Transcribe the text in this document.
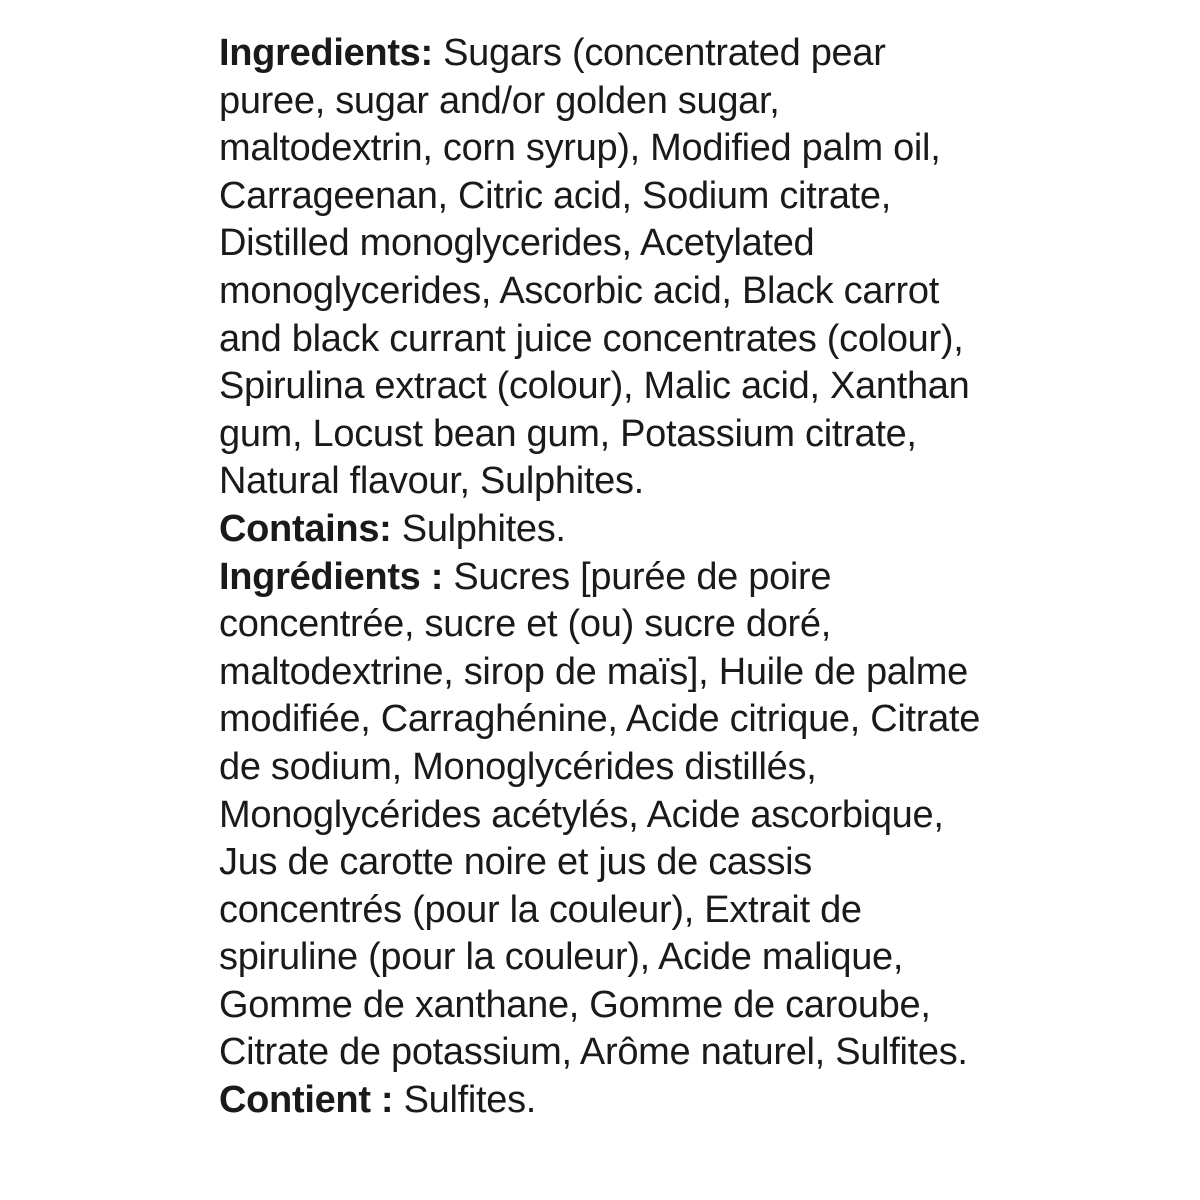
Ingredients: Sugars (concentrated pear puree, sugar and/or golden sugar, maltodextrin, corn syrup), Modified palm oil, Carrageenan, Citric acid, Sodium citrate, Distilled monoglycerides, Acetylated monoglycerides, Ascorbic acid, Black carrot and black currant juice concentrates (colour), Spirulina extract (colour), Malic acid, Xanthan gum, Locust bean gum, Potassium citrate, Natural flavour, Sulphites.

Contains: Sulphites.

Ingrédients : Sucres [purée de poire concentrée, sucre et (ou) sucre doré, maltodextrine, sirop de maïs], Huile de palme modifiée, Carraghénine, Acide citrique, Citrate de sodium, Monoglycérides distillés, Monoglycérides acétylés, Acide ascorbique, Jus de carotte noire et jus de cassis concentrés (pour la couleur), Extrait de spiruline (pour la couleur), Acide malique, Gomme de xanthane, Gomme de caroube, Citrate de potassium, Arôme naturel, Sulfites.

Contient : Sulfites.
